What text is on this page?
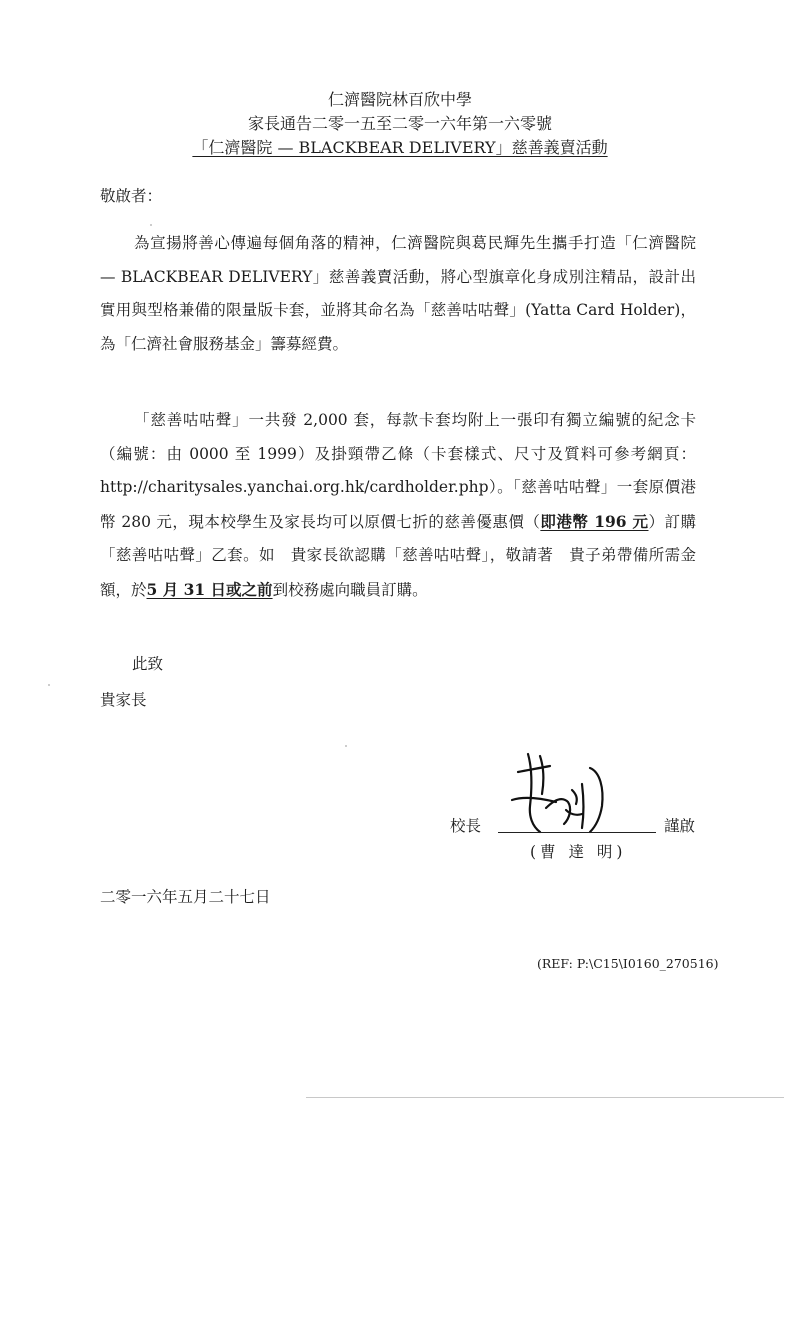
仁濟醫院林百欣中學
家長通告二零一五至二零一六年第一六零號
「仁濟醫院 — BLACKBEAR DELIVERY」慈善義賣活動
敬啟者：
為宣揚將善心傳遍每個角落的精神，仁濟醫院與葛民輝先生攜手打造「仁濟醫院 — BLACKBEAR DELIVERY」慈善義賣活動，將心型旗章化身成別注精品，設計出實用與型格兼備的限量版卡套，並將其命名為「慈善咕咕聲」(Yatta Card Holder)，為「仁濟社會服務基金」籌募經費。
「慈善咕咕聲」一共發 2,000 套，每款卡套均附上一張印有獨立編號的紀念卡（編號：由 0000 至 1999）及掛頸帶乙條（卡套樣式、尺寸及質料可參考網頁：http://charitysales.yanchai.org.hk/cardholder.php）。「慈善咕咕聲」一套原價港幣 280 元，現本校學生及家長均可以原價七折的慈善優惠價（即港幣 196 元）訂購「慈善咕咕聲」乙套。如　貴家長欲認購「慈善咕咕聲」，敬請著　貴子弟帶備所需金額，於5 月 31 日或之前到校務處向職員訂購。
此致
貴家長
校長	謹啟
(曹 達 明)
二零一六年五月二十七日
(REF: P:\C15\I0160_270516)
